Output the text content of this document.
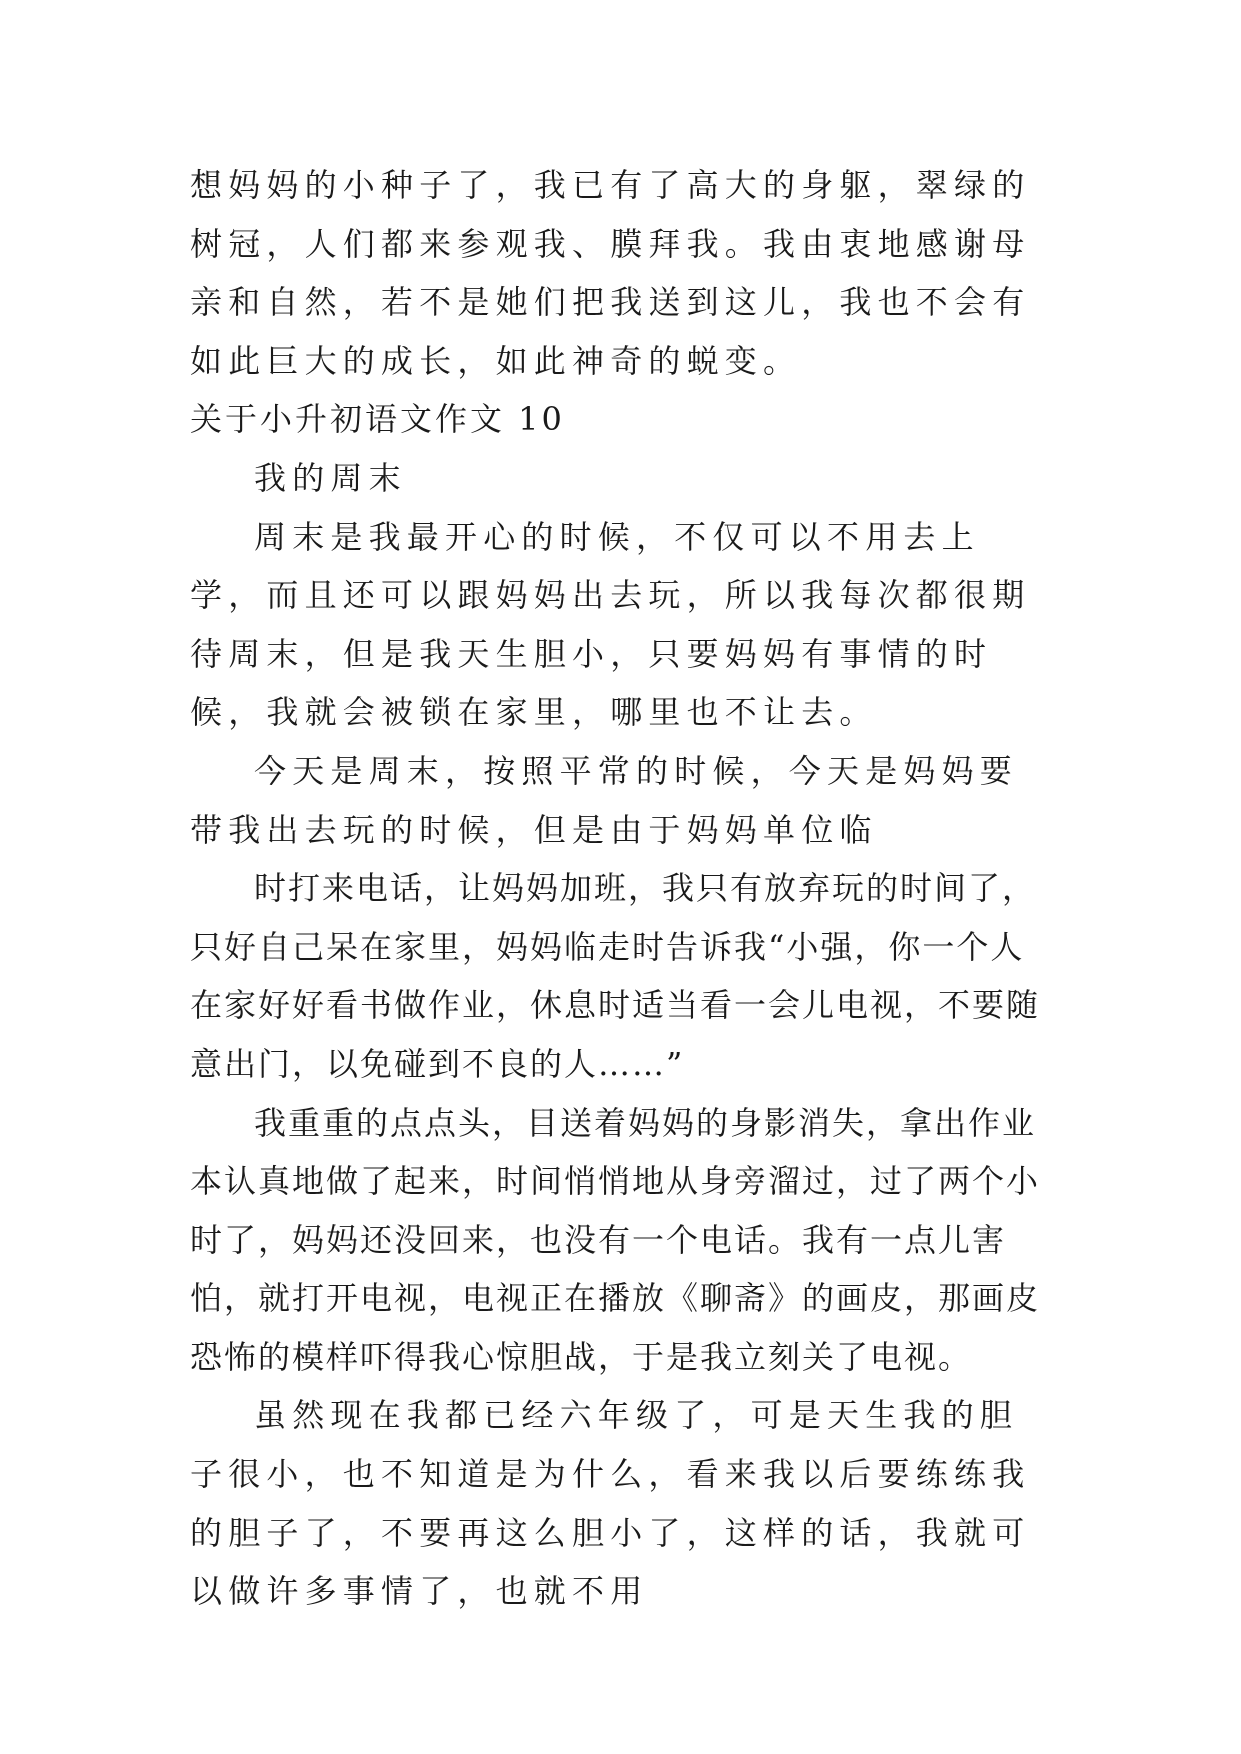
想妈妈的小种子了，我已有了高大的身躯，翠绿的树冠，人们都来参观我、膜拜我。我由衷地感谢母亲和自然，若不是她们把我送到这儿，我也不会有如此巨大的成长，如此神奇的蜕变。

关于小升初语文作文 10

我的周末

周末是我最开心的时候，不仅可以不用去上学，而且还可以跟妈妈出去玩，所以我每次都很期待周末，但是我天生胆小，只要妈妈有事情的时候，我就会被锁在家里，哪里也不让去。

今天是周末，按照平常的时候，今天是妈妈要带我出去玩的时候，但是由于妈妈单位临

时打来电话，让妈妈加班，我只有放弃玩的时间了，只好自己呆在家里，妈妈临走时告诉我“小强，你一个人在家好好看书做作业，休息时适当看一会儿电视，不要随意出门，以免碰到不良的人……”

我重重的点点头，目送着妈妈的身影消失，拿出作业本认真地做了起来，时间悄悄地从身旁溜过，过了两个小时了，妈妈还没回来，也没有一个电话。我有一点儿害怕，就打开电视，电视正在播放《聊斋》的画皮，那画皮恐怖的模样吓得我心惊胆战，于是我立刻关了电视。

虽然现在我都已经六年级了，可是天生我的胆子很小，也不知道是为什么，看来我以后要练练我的胆子了，不要再这么胆小了，这样的话，我就可以做许多事情了，也就不用
